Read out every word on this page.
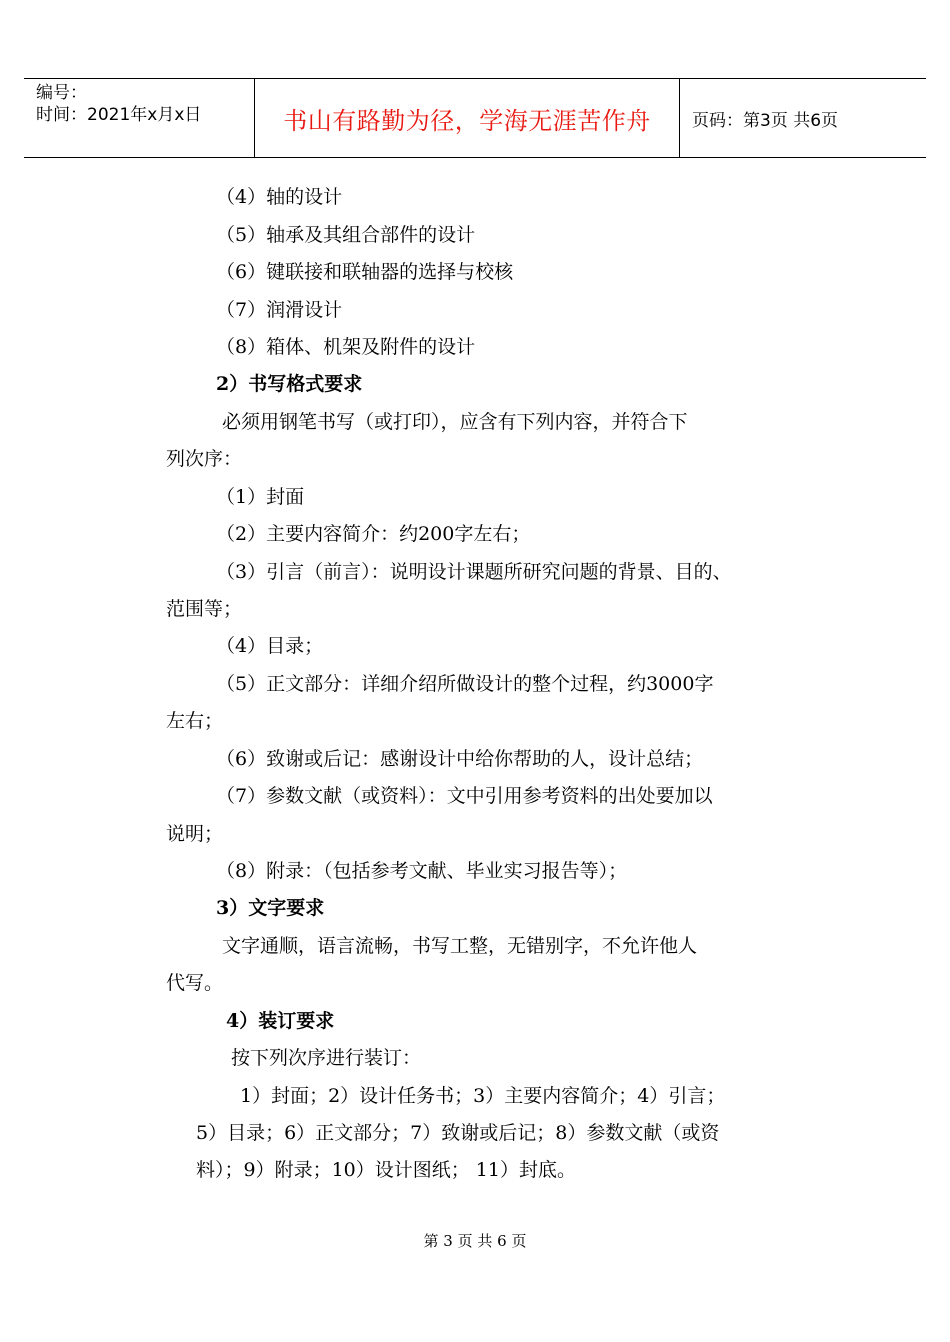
编号：
时间：2021年x月x日	书山有路勤为径，学海无涯苦作舟	页码：第3页 共6页
（4）轴的设计
（5）轴承及其组合部件的设计
（6）键联接和联轴器的选择与校核
（7）润滑设计
（8）箱体、机架及附件的设计
2）书写格式要求
必须用钢笔书写（或打印），应含有下列内容，并符合下
列次序：
（1）封面
（2）主要内容简介：约200字左右；
（3）引言（前言）：说明设计课题所研究问题的背景、目的、
范围等；
（4）目录；
（5）正文部分：详细介绍所做设计的整个过程，约3000字
左右；
（6）致谢或后记：感谢设计中给你帮助的人，设计总结；
（7）参数文献（或资料）：文中引用参考资料的出处要加以
说明；
（8）附录：（包括参考文献、毕业实习报告等）；
3）文字要求
文字通顺，语言流畅，书写工整，无错别字，不允许他人
代写。
4）装订要求
按下列次序进行装订：
1）封面；2）设计任务书；3）主要内容简介；4）引言；
5）目录；6）正文部分；7）致谢或后记；8）参数文献（或资
料）；9）附录；10）设计图纸； 11）封底。
第 3 页 共 6 页
